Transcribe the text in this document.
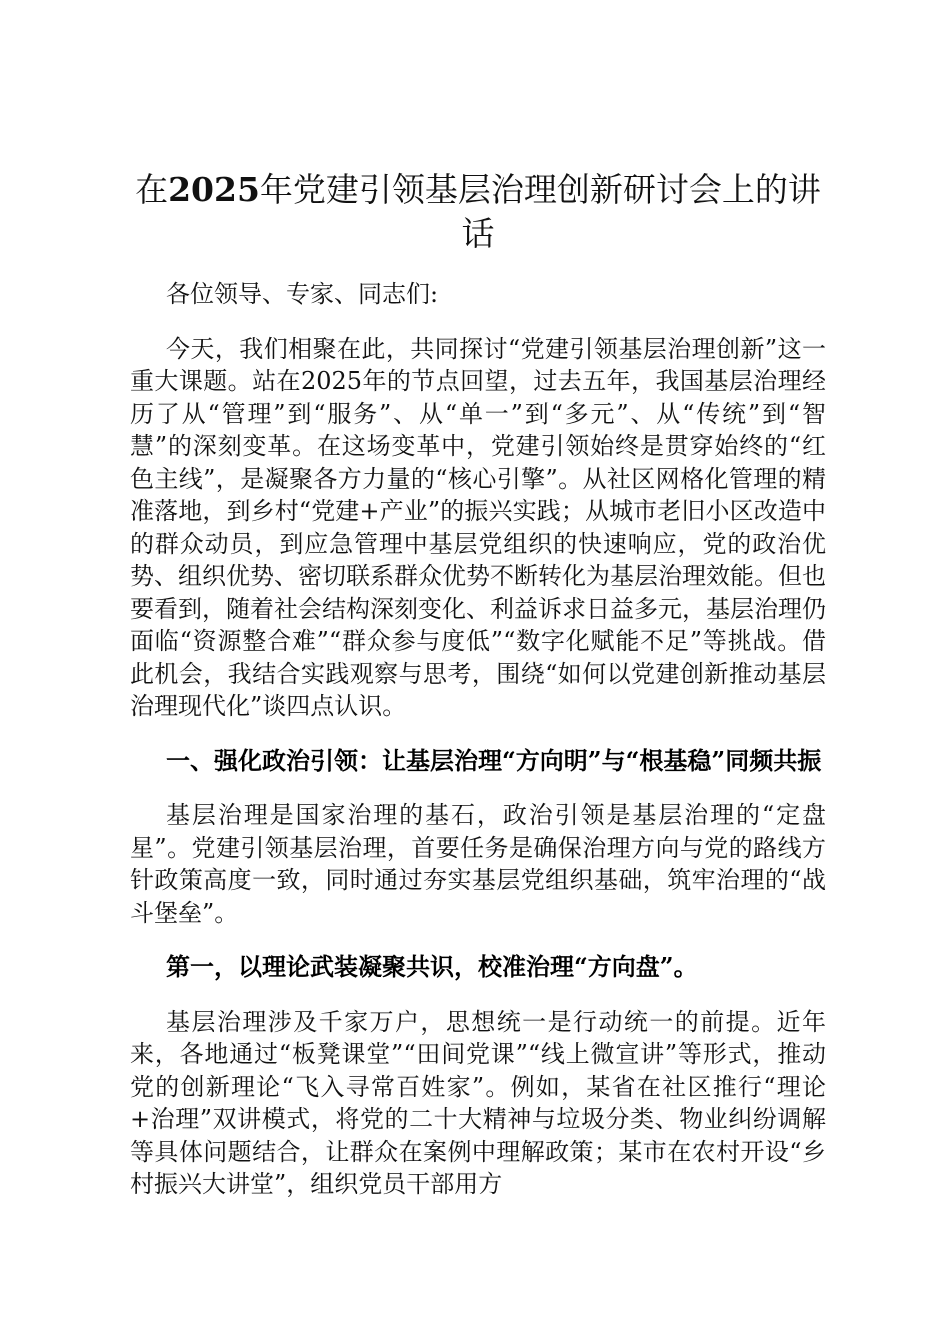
在2025年党建引领基层治理创新研讨会上的讲话

各位领导、专家、同志们:

今天，我们相聚在此，共同探讨“党建引领基层治理创新”这一重大课题。站在2025年的节点回望，过去五年，我国基层治理经历了从“管理”到“服务”、从“单一”到“多元”、从“传统”到“智慧”的深刻变革。在这场变革中，党建引领始终是贯穿始终的“红色主线”，是凝聚各方力量的“核心引擎”。从社区网格化管理的精准落地，到乡村“党建+产业”的振兴实践；从城市老旧小区改造中的群众动员，到应急管理中基层党组织的快速响应，党的政治优势、组织优势、密切联系群众优势不断转化为基层治理效能。但也要看到，随着社会结构深刻变化、利益诉求日益多元，基层治理仍面临“资源整合难”“群众参与度低”“数字化赋能不足”等挑战。借此机会，我结合实践观察与思考，围绕“如何以党建创新推动基层治理现代化”谈四点认识。

一、强化政治引领：让基层治理“方向明”与“根基稳”同频共振

基层治理是国家治理的基石，政治引领是基层治理的“定盘星”。党建引领基层治理，首要任务是确保治理方向与党的路线方针政策高度一致，同时通过夯实基层党组织基础，筑牢治理的“战斗堡垒”。

第一，以理论武装凝聚共识，校准治理“方向盘”。

基层治理涉及千家万户，思想统一是行动统一的前提。近年来，各地通过“板凳课堂”“田间党课”“线上微宣讲”等形式，推动党的创新理论“飞入寻常百姓家”。例如，某省在社区推行“理论+治理”双讲模式，将党的二十大精神与垃圾分类、物业纠纷调解等具体问题结合，让群众在案例中理解政策；某市在农村开设“乡村振兴大讲堂”，组织党员干部用方
